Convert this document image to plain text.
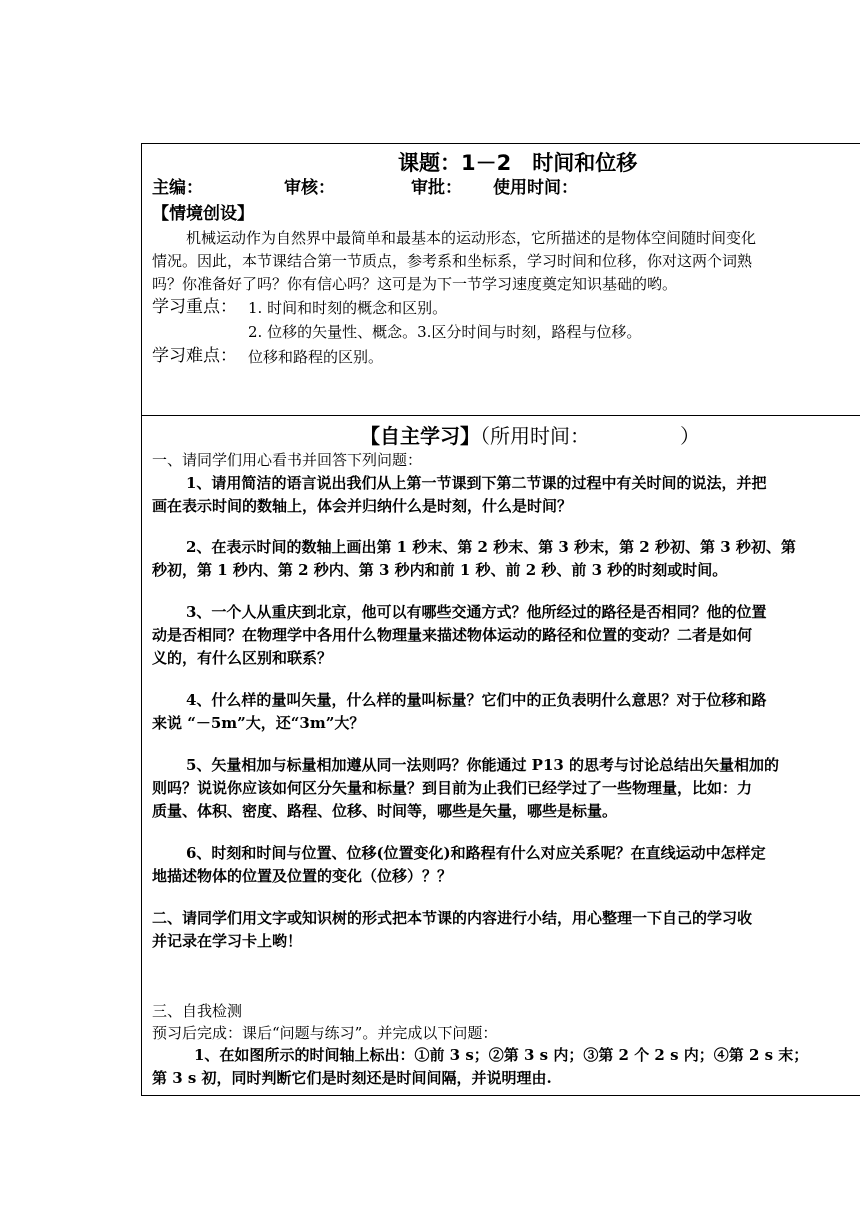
课题：1－2　时间和位移
主编：	审核：	审批： 使用时间：
【情境创设】
机械运动作为自然界中最简单和最基本的运动形态，它所描述的是物体空间随时间变化
情况。因此，本节课结合第一节质点，参考系和坐标系，学习时间和位移，你对这两个词熟
吗？你准备好了吗？你有信心吗？这可是为下一节学习速度奠定知识基础的哟。
学习重点： 1. 时间和时刻的概念和区别。
2. 位移的矢量性、概念。3.区分时间与时刻，路程与位移。
学习难点： 位移和路程的区别。
【自主学习】（所用时间：　　　　　）
一、请同学们用心看书并回答下列问题：
1、请用简洁的语言说出我们从上第一节课到下第二节课的过程中有关时间的说法，并把
画在表示时间的数轴上，体会并归纳什么是时刻，什么是时间？
2、在表示时间的数轴上画出第 1 秒末、第 2 秒末、第 3 秒末，第 2 秒初、第 3 秒初、第
秒初，第 1 秒内、第 2 秒内、第 3 秒内和前 1 秒、前 2 秒、前 3 秒的时刻或时间。
3、一个人从重庆到北京，他可以有哪些交通方式？他所经过的路径是否相同？他的位置
动是否相同？在物理学中各用什么物理量来描述物体运动的路径和位置的变动？二者是如何
义的，有什么区别和联系？
4、什么样的量叫矢量，什么样的量叫标量？它们中的正负表明什么意思？对于位移和路
来说 “－5m”大，还“3m”大？
5、矢量相加与标量相加遵从同一法则吗？你能通过 P13 的思考与讨论总结出矢量相加的
则吗？说说你应该如何区分矢量和标量？到目前为止我们已经学过了一些物理量，比如：力
质量、体积、密度、路程、位移、时间等，哪些是矢量，哪些是标量。
6、时刻和时间与位置、位移(位置变化)和路程有什么对应关系呢？在直线运动中怎样定
地描述物体的位置及位置的变化（位移）？？
二、请同学们用文字或知识树的形式把本节课的内容进行小结，用心整理一下自己的学习收
并记录在学习卡上哟！
三、自我检测
预习后完成：课后“问题与练习”。并完成以下问题：
1、在如图所示的时间轴上标出：①前 3 s；②第 3 s 内；③第 2 个 2 s 内；④第 2 s 末；
第 3 s 初，同时判断它们是时刻还是时间间隔，并说明理由.
